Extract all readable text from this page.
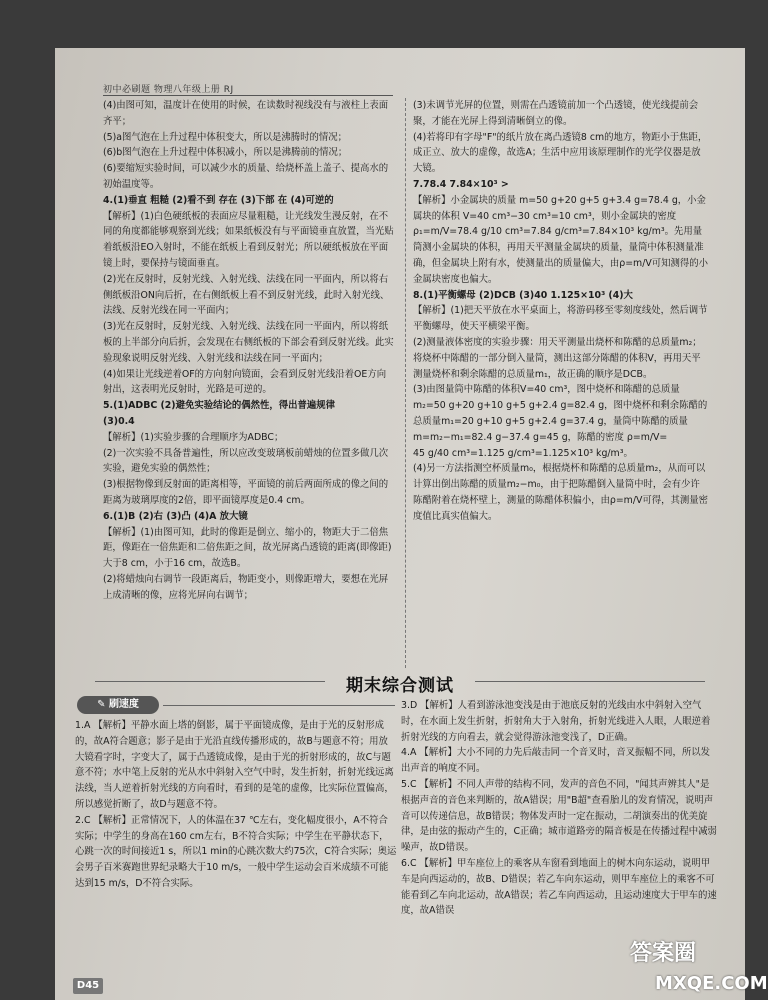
初中必刷题 物理八年级上册 RJ

(4)由图可知，温度计在使用的时候，在读数时视线没有与液柱上表面齐平；

(5)a图气泡在上升过程中体积变大，所以是沸腾时的情况；

(6)b图气泡在上升过程中体积减小，所以是沸腾前的情况；

(6)要缩短实验时间，可以减少水的质量、给烧杯盖上盖子、提高水的初始温度等。

4.(1)垂直 粗糙 (2)看不到 存在 (3)下部 在 (4)可逆的

【解析】(1)白色硬纸板的表面应尽量粗糙，让光线发生漫反射，在不同的角度都能够观察到光线；如果纸板没有与平面镜垂直放置，当光贴着纸板沿EO入射时，不能在纸板上看到反射光；所以硬纸板放在平面镜上时，要保持与镜面垂直。

(2)光在反射时，反射光线、入射光线、法线在同一平面内，所以将右侧纸板沿ON向后折，在右侧纸板上看不到反射光线，此时入射光线、法线、反射光线在同一平面内；

(3)光在反射时，反射光线、入射光线、法线在同一平面内，所以将纸板的上半部分向后折，会发现在右侧纸板的下部会看到反射光线。此实验现象说明反射光线、入射光线和法线在同一平面内；

(4)如果让光线逆着OF的方向射向镜面，会看到反射光线沿着OE方向射出，这表明光反射时，光路是可逆的。

5.(1)ADBC (2)避免实验结论的偶然性，得出普遍规律

(3)0.4

【解析】(1)实验步骤的合理顺序为ADBC；

(2)一次实验不具备普遍性，所以应改变玻璃板前蜡烛的位置多做几次实验，避免实验的偶然性；

(3)根据物像到反射面的距离相等，平面镜的前后两面所成的像之间的距离为玻璃厚度的2倍，即平面镜厚度是0.4 cm。

6.(1)B (2)右 (3)凸 (4)A 放大镜

【解析】(1)由图可知，此时的像距是倒立、缩小的，物距大于二倍焦距，像距在一倍焦距和二倍焦距之间，故光屏离凸透镜的距离(即像距)大于8 cm，小于16 cm，故选B。

(2)将蜡烛向右调节一段距离后，物距变小，则像距增大，要想在光屏上成清晰的像，应将光屏向右调节；

(3)未调节光屏的位置，则需在凸透镜前加一个凸透镜，使光线提前会聚，才能在光屏上得到清晰倒立的像。

(4)若将印有字母"F"的纸片放在离凸透镜8 cm的地方，物距小于焦距，成正立、放大的虚像，故选A；生活中应用该原理制作的光学仪器是放大镜。

7.78.4 7.84×10³ >

【解析】小金属块的质量 m=50 g+20 g+5 g+3.4 g=78.4 g，小金属块的体积 V=40 cm³−30 cm³=10 cm³，则小金属块的密度

ρ₁=m/V=78.4 g/10 cm³=7.84 g/cm³=7.84×10³ kg/m³。先用量筒测小金属块的体积，再用天平测量金属块的质量，量筒中体积测量准确，但金属块上附有水，使测量出的质量偏大，由ρ=m/V可知测得的小金属块密度也偏大。

8.(1)平衡螺母 (2)DCB (3)40 1.125×10³ (4)大

【解析】(1)把天平放在水平桌面上，将游码移至零刻度线处，然后调节平衡螺母，使天平横梁平衡。

(2)测量液体密度的实验步骤：用天平测量出烧杯和陈醋的总质量m₂；将烧杯中陈醋的一部分倒入量筒，测出这部分陈醋的体积V，再用天平测量烧杯和剩余陈醋的总质量m₁，故正确的顺序是DCB。

(3)由图量筒中陈醋的体积V=40 cm³，图中烧杯和陈醋的总质量m₂=50 g+20 g+10 g+5 g+2.4 g=82.4 g，图中烧杯和剩余陈醋的总质量m₁=20 g+10 g+5 g+2.4 g=37.4 g，量筒中陈醋的质量 m=m₂−m₁=82.4 g−37.4 g=45 g，陈醋的密度 ρ=m/V=

45 g/40 cm³=1.125 g/cm³=1.125×10³ kg/m³。

(4)另一方法指测空杯质量m₀，根据烧杯和陈醋的总质量m₂，从而可以计算出倒出陈醋的质量m₂−m₀，由于把陈醋倒入量筒中时，会有少许陈醋附着在烧杯壁上，测量的陈醋体积偏小，由ρ=m/V可得，其测量密度值比真实值偏大。

期末综合测试
✎ 刷速度

1.A 【解析】平静水面上塔的倒影，属于平面镜成像，是由于光的反射形成的，故A符合题意；影子是由于光沿直线传播形成的，故B与题意不符；用放大镜看字时，字变大了，属于凸透镜成像，是由于光的折射形成的，故C与题意不符；水中笔上反射的光从水中斜射入空气中时，发生折射，折射光线远离法线，当人逆着折射光线的方向看时，看到的是笔的虚像，比实际位置偏高，所以感觉折断了，故D与题意不符。

2.C 【解析】正常情况下，人的体温在37 ℃左右，变化幅度很小，A不符合实际；中学生的身高在160 cm左右，B不符合实际；中学生在平静状态下，心跳一次的时间接近1 s，所以1 min的心跳次数大约75次，C符合实际；奥运会男子百米赛跑世界纪录略大于10 m/s，一般中学生运动会百米成绩不可能达到15 m/s，D不符合实际。

3.D 【解析】人看到游泳池变浅是由于池底反射的光线由水中斜射入空气时，在水面上发生折射，折射角大于入射角，折射光线进入人眼，人眼逆着折射光线的方向看去，就会觉得游泳池变浅了，D正确。

4.A 【解析】大小不同的力先后敲击同一个音叉时，音叉振幅不同，所以发出声音的响度不同。

5.C 【解析】不同人声带的结构不同，发声的音色不同，"闻其声辨其人"是根据声音的音色来判断的，故A错误；用"B超"查看胎儿的发育情况，说明声音可以传递信息，故B错误；物体发声时一定在振动，二胡演奏出的优美旋律，是由弦的振动产生的，C正确；城市道路旁的隔音板是在传播过程中减弱噪声，故D错误。

6.C 【解析】甲车座位上的乘客从车窗看到地面上的树木向东运动，说明甲车是向西运动的，故B、D错误；若乙车向东运动，则甲车座位上的乘客不可能看到乙车向北运动，故A错误；若乙车向西运动，且运动速度大于甲车的速度，故A错误

D45
答案圈
MXQE.COM
